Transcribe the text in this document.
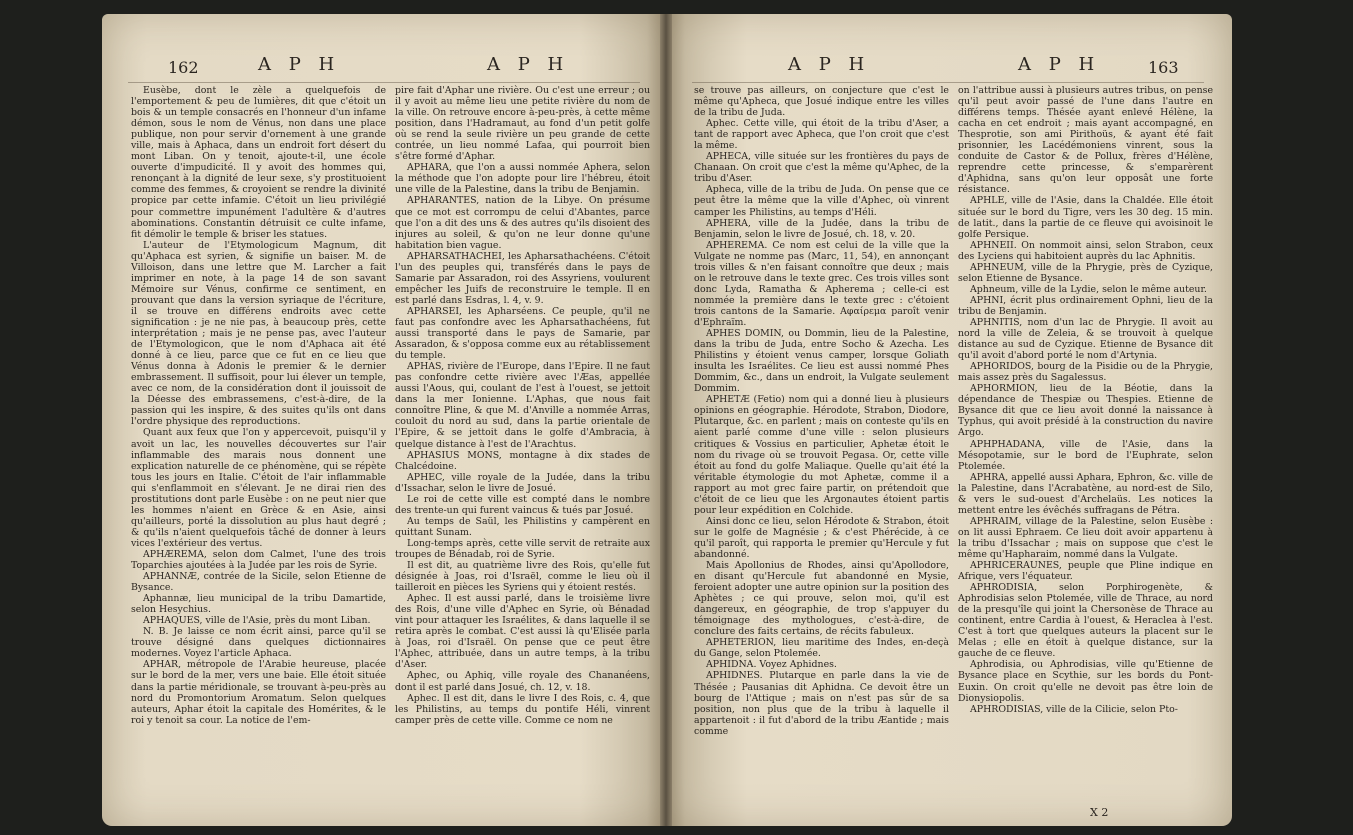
162	A P H	A P H	A P H	A P H	163

Eusèbe, dont le zèle a quelquefois de l'emportement & peu de lumières, dit que c'étoit un bois & un temple consacrés en l'honneur d'un infame démon, sous le nom de Vénus, non dans une place publique, non pour servir d'ornement à une grande ville, mais à Aphaca, dans un endroit fort désert du mont Liban. On y tenoit, ajoute-t-il, une école ouverte d'impudicité. Il y avoit des hommes qui, renonçant à la dignité de leur sexe, s'y prostituoient comme des femmes, & croyoient se rendre la divinité propice par cette infamie. C'étoit un lieu privilégié pour commettre impunément l'adultère & d'autres abominations. Constantin détruisit ce culte infame, fit démolir le temple & briser les statues.

L'auteur de l'Etymologicum Magnum, dit qu'Aphaca est syrien, & signifie un baiser. M. de Villoison, dans une lettre que M. Larcher a fait imprimer en note, à la page 14 de son savant Mémoire sur Vénus, confirme ce sentiment, en prouvant que dans la version syriaque de l'écriture, il se trouve en différens endroits avec cette signification : je ne nie pas, à beaucoup près, cette interprétation ; mais je ne pense pas, avec l'auteur de l'Etymologicon, que le nom d'Aphaca ait été donné à ce lieu, parce que ce fut en ce lieu que Vénus donna à Adonis le premier & le dernier embrassement. Il suffisoit, pour lui élever un temple, avec ce nom, de la considération dont il jouissoit de la Déesse des embrassemens, c'est-à-dire, de la passion qui les inspire, & des suites qu'ils ont dans l'ordre physique des reproductions.

Quant aux feux que l'on y appercevoit, puisqu'il y avoit un lac, les nouvelles découvertes sur l'air inflammable des marais nous donnent une explication naturelle de ce phénomène, qui se répète tous les jours en Italie. C'étoit de l'air inflammable qui s'enflammoit en s'élevant. Je ne dirai rien des prostitutions dont parle Eusèbe : on ne peut nier que les hommes n'aient en Grèce & en Asie, ainsi qu'ailleurs, porté la dissolution au plus haut degré ; & qu'ils n'aient quelquefois tâché de donner à leurs vices l'extérieur des vertus.

APHÆREMA, selon dom Calmet, l'une des trois Toparchies ajoutées à la Judée par les rois de Syrie.

APHANNÆ, contrée de la Sicile, selon Etienne de Bysance.

Aphannæ, lieu municipal de la tribu Damartide, selon Hesychius.

APHAQUES, ville de l'Asie, près du mont Liban.

N. B. Je laisse ce nom écrit ainsi, parce qu'il se trouve désigné dans quelques dictionnaires modernes. Voyez l'article Aphaca.

APHAR, métropole de l'Arabie heureuse, placée sur le bord de la mer, vers une baie. Elle étoit située dans la partie méridionale, se trouvant à-peu-près au nord du Promontorium Aromatum. Selon quelques auteurs, Aphar étoit la capitale des Homérites, & le roi y tenoit sa cour. La notice de l'em-

pire fait d'Aphar une rivière. Ou c'est une erreur ; ou il y avoit au même lieu une petite rivière du nom de la ville. On retrouve encore à-peu-près, à cette même position, dans l'Hadramaut, au fond d'un petit golfe où se rend la seule rivière un peu grande de cette contrée, un lieu nommé Lafaa, qui pourroit bien s'être formé d'Aphar.

APHARA, que l'on a aussi nommée Aphera, selon la méthode que l'on adopte pour lire l'hébreu, étoit une ville de la Palestine, dans la tribu de Benjamin.

APHARANTES, nation de la Libye. On présume que ce mot est corrompu de celui d'Abantes, parce que l'on a dit des uns & des autres qu'ils disoient des injures au soleil, & qu'on ne leur donne qu'une habitation bien vague.

APHARSATHACHEI, les Apharsathachéens. C'étoit l'un des peuples qui, transférés dans le pays de Samarie par Assaradon, roi des Assyriens, voulurent empêcher les Juifs de reconstruire le temple. Il en est parlé dans Esdras, l. 4, v. 9.

APHARSEI, les Apharséens. Ce peuple, qu'il ne faut pas confondre avec les Apharsathachéens, fut aussi transporté dans le pays de Samarie, par Assaradon, & s'opposa comme eux au rétablissement du temple.

APHAS, rivière de l'Europe, dans l'Epire. Il ne faut pas confondre cette rivière avec l'Æas, appellée aussi l'Aous, qui, coulant de l'est à l'ouest, se jettoit dans la mer Ionienne. L'Aphas, que nous fait connoître Pline, & que M. d'Anville a nommée Arras, couloit du nord au sud, dans la partie orientale de l'Epire, & se jettoit dans le golfe d'Ambracia, à quelque distance à l'est de l'Arachtus.

APHASIUS MONS, montagne à dix stades de Chalcédoine.

APHEC, ville royale de la Judée, dans la tribu d'Issachar, selon le livre de Josué.

Le roi de cette ville est compté dans le nombre des trente-un qui furent vaincus & tués par Josué.

Au temps de Saül, les Philistins y campèrent en quittant Sunam.

Long-temps après, cette ville servit de retraite aux troupes de Bénadab, roi de Syrie.

Il est dit, au quatrième livre des Rois, qu'elle fut désignée à Joas, roi d'Israël, comme le lieu où il tailleroit en pièces les Syriens qui y étoient restés.

Aphec. Il est aussi parlé, dans le troisième livre des Rois, d'une ville d'Aphec en Syrie, où Bénadad vint pour attaquer les Israélites, & dans laquelle il se retira après le combat. C'est aussi là qu'Elisée parla à Joas, roi d'Israël. On pense que ce peut être l'Aphec, attribuée, dans un autre temps, à la tribu d'Aser.

Aphec, ou Aphiq, ville royale des Chananéens, dont il est parlé dans Josué, ch. 12, v. 18.

Aphec. Il est dit, dans le livre I des Rois, c. 4, que les Philistins, au temps du pontife Héli, vinrent camper près de cette ville. Comme ce nom ne

se trouve pas ailleurs, on conjecture que c'est le même qu'Apheca, que Josué indique entre les villes de la tribu de Juda.

Aphec. Cette ville, qui étoit de la tribu d'Aser, a tant de rapport avec Apheca, que l'on croit que c'est la même.

APHECA, ville située sur les frontières du pays de Chanaan. On croit que c'est la même qu'Aphec, de la tribu d'Aser.

Apheca, ville de la tribu de Juda. On pense que ce peut être la même que la ville d'Aphec, où vinrent camper les Philistins, au temps d'Héli.

APHERA, ville de la Judée, dans la tribu de Benjamin, selon le livre de Josué, ch. 18, v. 20.

APHEREMA. Ce nom est celui de la ville que la Vulgate ne nomme pas (Marc, 11, 54), en annonçant trois villes & n'en faisant connoître que deux ; mais on le retrouve dans le texte grec. Ces trois villes sont donc Lyda, Ramatha & Apherema ; celle-ci est nommée la première dans le texte grec : c'étoient trois cantons de la Samarie. Αφαίρεμα paroît venir d'Ephraïm.

APHES DOMIN, ou Dommin, lieu de la Palestine, dans la tribu de Juda, entre Socho & Azecha. Les Philistins y étoient venus camper, lorsque Goliath insulta les Israélites. Ce lieu est aussi nommé Phes Dommim, &c., dans un endroit, la Vulgate seulement Dommim.

APHETÆ (Fetio) nom qui a donné lieu à plusieurs opinions en géographie. Hérodote, Strabon, Diodore, Plutarque, &c. en parlent ; mais on conteste qu'ils en aient parlé comme d'une ville : selon plusieurs critiques & Vossius en particulier, Aphetæ étoit le nom du rivage où se trouvoit Pegasa. Or, cette ville étoit au fond du golfe Maliaque. Quelle qu'ait été la véritable étymologie du mot Aphetæ, comme il a rapport au mot grec faire partir, on prétendoit que c'étoit de ce lieu que les Argonautes étoient partis pour leur expédition en Colchide.

Ainsi donc ce lieu, selon Hérodote & Strabon, étoit sur le golfe de Magnésie ; & c'est Phérécide, à ce qu'il paroît, qui rapporta le premier qu'Hercule y fut abandonné.

Mais Apollonius de Rhodes, ainsi qu'Apollodore, en disant qu'Hercule fut abandonné en Mysie, feroient adopter une autre opinion sur la position des Aphètes ; ce qui prouve, selon moi, qu'il est dangereux, en géographie, de trop s'appuyer du témoignage des mythologues, c'est-à-dire, de conclure des faits certains, de récits fabuleux.

APHETERION, lieu maritime des Indes, en-deçà du Gange, selon Ptolemée.

APHIDNA. Voyez Aphidnes.

APHIDNES. Plutarque en parle dans la vie de Thésée ; Pausanias dit Aphidna. Ce devoit être un bourg de l'Attique ; mais on n'est pas sûr de sa position, non plus que de la tribu à laquelle il appartenoit : il fut d'abord de la tribu Æantide ; mais comme

on l'attribue aussi à plusieurs autres tribus, on pense qu'il peut avoir passé de l'une dans l'autre en différens temps. Thésée ayant enlevé Hélène, la cacha en cet endroit ; mais ayant accompagné, en Thesprotie, son ami Pirithoüs, & ayant été fait prisonnier, les Lacédémoniens vinrent, sous la conduite de Castor & de Pollux, frères d'Hélène, reprendre cette princesse, & s'emparèrent d'Aphidna, sans qu'on leur opposât une forte résistance.

APHLE, ville de l'Asie, dans la Chaldée. Elle étoit située sur le bord du Tigre, vers les 30 deg. 15 min. de latit., dans la partie de ce fleuve qui avoisinoit le golfe Persique.

APHNEII. On nommoit ainsi, selon Strabon, ceux des Lyciens qui habitoient auprès du lac Aphnitis.

APHNEUM, ville de la Phrygie, près de Cyzique, selon Etienne de Bysance.

Aphneum, ville de la Lydie, selon le même auteur.

APHNI, écrit plus ordinairement Ophni, lieu de la tribu de Benjamin.

APHNITIS, nom d'un lac de Phrygie. Il avoit au nord la ville de Zeleia, & se trouvoit à quelque distance au sud de Cyzique. Etienne de Bysance dit qu'il avoit d'abord porté le nom d'Artynia.

APHORIDOS, bourg de la Pisidie ou de la Phrygie, mais assez près du Sagalessus.

APHORMION, lieu de la Béotie, dans la dépendance de Thespiæ ou Thespies. Etienne de Bysance dit que ce lieu avoit donné la naissance à Typhus, qui avoit présidé à la construction du navire Argo.

APHPHADANA, ville de l'Asie, dans la Mésopotamie, sur le bord de l'Euphrate, selon Ptolemée.

APHRA, appellé aussi Aphara, Ephron, &c. ville de la Palestine, dans l'Acrabatène, au nord-est de Silo, & vers le sud-ouest d'Archelaüs. Les notices la mettent entre les évêchés suffragans de Pétra.

APHRAIM, village de la Palestine, selon Eusèbe : on lit aussi Ephraem. Ce lieu doit avoir appartenu à la tribu d'Issachar ; mais on suppose que c'est le même qu'Hapharaim, nommé dans la Vulgate.

APHRICERAUNES, peuple que Pline indique en Afrique, vers l'équateur.

APHRODISIA, selon Porphirogenète, & Aphrodisias selon Ptolemée, ville de Thrace, au nord de la presqu'île qui joint la Chersonèse de Thrace au continent, entre Cardia à l'ouest, & Heraclea à l'est. C'est à tort que quelques auteurs la placent sur le Melas ; elle en étoit à quelque distance, sur la gauche de ce fleuve.

Aphrodisia, ou Aphrodisias, ville qu'Etienne de Bysance place en Scythie, sur les bords du Pont-Euxin. On croit qu'elle ne devoit pas être loin de Dionysiopolis.

APHRODISIAS, ville de la Cilicie, selon Pto-

X 2
